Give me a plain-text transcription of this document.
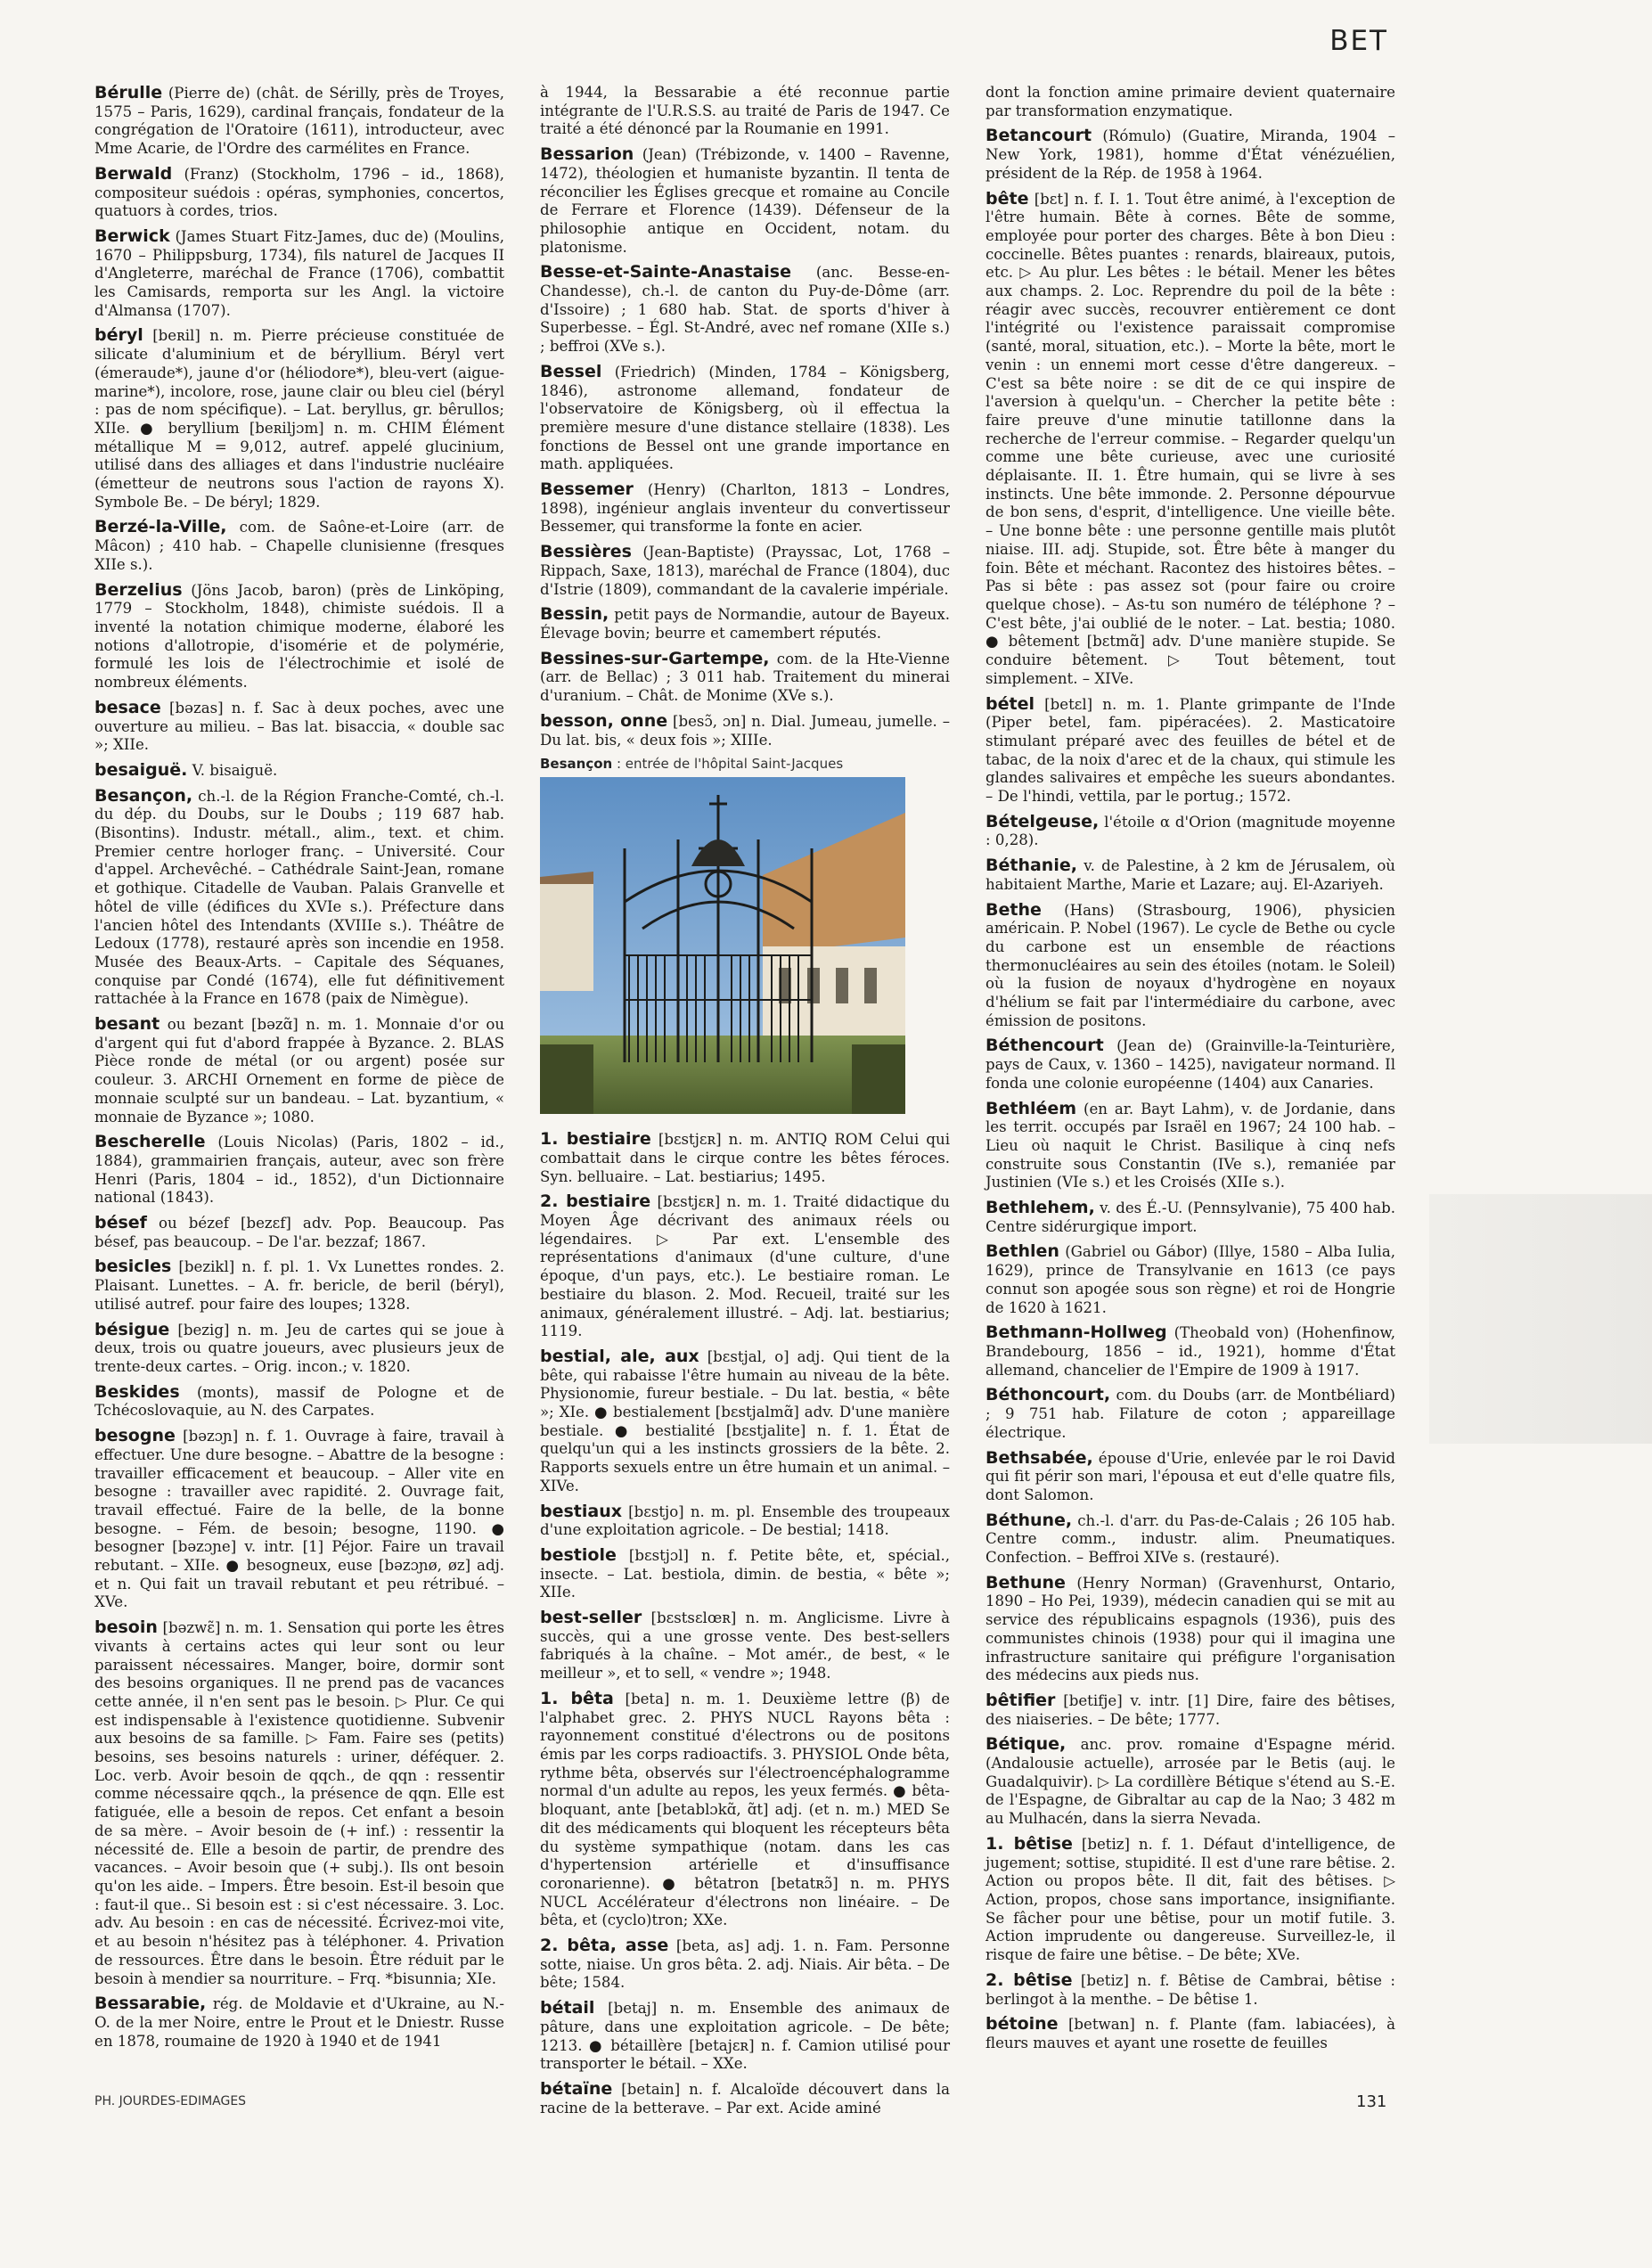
BET

Bérulle (Pierre de) (chât. de Sérilly, près de Troyes, 1575 – Paris, 1629), cardinal français, fondateur de la congrégation de l'Oratoire (1611), introducteur, avec Mme Acarie, de l'Ordre des carmélites en France.

Berwald (Franz) (Stockholm, 1796 – id., 1868), compositeur suédois : opéras, symphonies, concertos, quatuors à cordes, trios.

Berwick (James Stuart Fitz-James, duc de) (Moulins, 1670 – Philippsburg, 1734), fils naturel de Jacques II d'Angleterre, maréchal de France (1706), combattit les Camisards, remporta sur les Angl. la victoire d'Almansa (1707).

béryl [beʀil] n. m. Pierre précieuse constituée de silicate d'aluminium et de béryllium. Béryl vert (émeraude*), jaune d'or (héliodore*), bleu-vert (aigue-marine*), incolore, rose, jaune clair ou bleu ciel (béryl : pas de nom spécifique). – Lat. beryllus, gr. bêrullos; XIIe. ● beryllium [beʀiljɔm] n. m. CHIM Élément métallique M = 9,012, autref. appelé glucinium, utilisé dans des alliages et dans l'industrie nucléaire (émetteur de neutrons sous l'action de rayons X). Symbole Be. – De béryl; 1829.

Berzé-la-Ville, com. de Saône-et-Loire (arr. de Mâcon) ; 410 hab. – Chapelle clunisienne (fresques XIIe s.).

Berzelius (Jöns Jacob, baron) (près de Linköping, 1779 – Stockholm, 1848), chimiste suédois. Il a inventé la notation chimique moderne, élaboré les notions d'allotropie, d'isomérie et de polymérie, formulé les lois de l'électrochimie et isolé de nombreux éléments.

besace [bəzas] n. f. Sac à deux poches, avec une ouverture au milieu. – Bas lat. bisaccia, « double sac »; XIIe.

besaiguë. V. bisaiguë.

Besançon, ch.-l. de la Région Franche-Comté, ch.-l. du dép. du Doubs, sur le Doubs ; 119 687 hab. (Bisontins). Industr. métall., alim., text. et chim. Premier centre horloger franç. – Université. Cour d'appel. Archevêché. – Cathédrale Saint-Jean, romane et gothique. Citadelle de Vauban. Palais Granvelle et hôtel de ville (édifices du XVIe s.). Préfecture dans l'ancien hôtel des Intendants (XVIIIe s.). Théâtre de Ledoux (1778), restauré après son incendie en 1958. Musée des Beaux-Arts. – Capitale des Séquanes, conquise par Condé (1674), elle fut définitivement rattachée à la France en 1678 (paix de Nimègue).

besant ou bezant [bəzɑ̃] n. m. 1. Monnaie d'or ou d'argent qui fut d'abord frappée à Byzance. 2. BLAS Pièce ronde de métal (or ou argent) posée sur couleur. 3. ARCHI Ornement en forme de pièce de monnaie sculpté sur un bandeau. – Lat. byzantium, « monnaie de Byzance »; 1080.

Bescherelle (Louis Nicolas) (Paris, 1802 – id., 1884), grammairien français, auteur, avec son frère Henri (Paris, 1804 – id., 1852), d'un Dictionnaire national (1843).

bésef ou bézef [bezɛf] adv. Pop. Beaucoup. Pas bésef, pas beaucoup. – De l'ar. bezzaf; 1867.

besicles [bezikl] n. f. pl. 1. Vx Lunettes rondes. 2. Plaisant. Lunettes. – A. fr. bericle, de beril (béryl), utilisé autref. pour faire des loupes; 1328.

bésigue [bezig] n. m. Jeu de cartes qui se joue à deux, trois ou quatre joueurs, avec plusieurs jeux de trente-deux cartes. – Orig. incon.; v. 1820.

Beskides (monts), massif de Pologne et de Tchécoslovaquie, au N. des Carpates.

besogne [bəzɔɲ] n. f. 1. Ouvrage à faire, travail à effectuer. Une dure besogne. – Abattre de la besogne : travailler efficacement et beaucoup. – Aller vite en besogne : travailler avec rapidité. 2. Ouvrage fait, travail effectué. Faire de la belle, de la bonne besogne. – Fém. de besoin; besogne, 1190. ● besogner [bəzɔɲe] v. intr. [1] Péjor. Faire un travail rebutant. – XIIe. ● besogneux, euse [bəzɔɲø, øz] adj. et n. Qui fait un travail rebutant et peu rétribué. – XVe.

besoin [bəzwɛ̃] n. m. 1. Sensation qui porte les êtres vivants à certains actes qui leur sont ou leur paraissent nécessaires. Manger, boire, dormir sont des besoins organiques. Il ne prend pas de vacances cette année, il n'en sent pas le besoin. ▷ Plur. Ce qui est indispensable à l'existence quotidienne. Subvenir aux besoins de sa famille. ▷ Fam. Faire ses (petits) besoins, ses besoins naturels : uriner, déféquer. 2. Loc. verb. Avoir besoin de qqch., de qqn : ressentir comme nécessaire qqch., la présence de qqn. Elle est fatiguée, elle a besoin de repos. Cet enfant a besoin de sa mère. – Avoir besoin de (+ inf.) : ressentir la nécessité de. Elle a besoin de partir, de prendre des vacances. – Avoir besoin que (+ subj.). Ils ont besoin qu'on les aide. – Impers. Être besoin. Est-il besoin que : faut-il que.. Si besoin est : si c'est nécessaire. 3. Loc. adv. Au besoin : en cas de nécessité. Écrivez-moi vite, et au besoin n'hésitez pas à téléphoner. 4. Privation de ressources. Être dans le besoin. Être réduit par le besoin à mendier sa nourriture. – Frq. *bisunnia; XIe.

Bessarabie, rég. de Moldavie et d'Ukraine, au N.-O. de la mer Noire, entre le Prout et le Dniestr. Russe en 1878, roumaine de 1920 à 1940 et de 1941

à 1944, la Bessarabie a été reconnue partie intégrante de l'U.R.S.S. au traité de Paris de 1947. Ce traité a été dénoncé par la Roumanie en 1991.

Bessarion (Jean) (Trébizonde, v. 1400 – Ravenne, 1472), théologien et humaniste byzantin. Il tenta de réconcilier les Églises grecque et romaine au Concile de Ferrare et Florence (1439). Défenseur de la philosophie antique en Occident, notam. du platonisme.

Besse-et-Sainte-Anastaise (anc. Besse-en-Chandesse), ch.-l. de canton du Puy-de-Dôme (arr. d'Issoire) ; 1 680 hab. Stat. de sports d'hiver à Superbesse. – Égl. St-André, avec nef romane (XIIe s.) ; beffroi (XVe s.).

Bessel (Friedrich) (Minden, 1784 – Königsberg, 1846), astronome allemand, fondateur de l'observatoire de Königsberg, où il effectua la première mesure d'une distance stellaire (1838). Les fonctions de Bessel ont une grande importance en math. appliquées.

Bessemer (Henry) (Charlton, 1813 – Londres, 1898), ingénieur anglais inventeur du convertisseur Bessemer, qui transforme la fonte en acier.

Bessières (Jean-Baptiste) (Prayssac, Lot, 1768 – Rippach, Saxe, 1813), maréchal de France (1804), duc d'Istrie (1809), commandant de la cavalerie impériale.

Bessin, petit pays de Normandie, autour de Bayeux. Élevage bovin; beurre et camembert réputés.

Bessines-sur-Gartempe, com. de la Hte-Vienne (arr. de Bellac) ; 3 011 hab. Traitement du minerai d'uranium. – Chât. de Monime (XVe s.).

besson, onne [besɔ̃, ɔn] n. Dial. Jumeau, jumelle. – Du lat. bis, « deux fois »; XIIIe.

Besançon : entrée de l'hôpital Saint-Jacques

1. bestiaire [bɛstjɛʀ] n. m. ANTIQ ROM Celui qui combattait dans le cirque contre les bêtes féroces. Syn. belluaire. – Lat. bestiarius; 1495.

2. bestiaire [bɛstjɛʀ] n. m. 1. Traité didactique du Moyen Âge décrivant des animaux réels ou légendaires. ▷ Par ext. L'ensemble des représentations d'animaux (d'une culture, d'une époque, d'un pays, etc.). Le bestiaire roman. Le bestiaire du blason. 2. Mod. Recueil, traité sur les animaux, généralement illustré. – Adj. lat. bestiarius; 1119.

bestial, ale, aux [bɛstjal, o] adj. Qui tient de la bête, qui rabaisse l'être humain au niveau de la bête. Physionomie, fureur bestiale. – Du lat. bestia, « bête »; XIe. ● bestialement [bɛstjalmɑ̃] adv. D'une manière bestiale. ● bestialité [bɛstjalite] n. f. 1. État de quelqu'un qui a les instincts grossiers de la bête. 2. Rapports sexuels entre un être humain et un animal. – XIVe.

bestiaux [bɛstjo] n. m. pl. Ensemble des troupeaux d'une exploitation agricole. – De bestial; 1418.

bestiole [bɛstjɔl] n. f. Petite bête, et, spécial., insecte. – Lat. bestiola, dimin. de bestia, « bête »; XIIe.

best-seller [bɛstsɛlœʀ] n. m. Anglicisme. Livre à succès, qui a une grosse vente. Des best-sellers fabriqués à la chaîne. – Mot amér., de best, « le meilleur », et to sell, « vendre »; 1948.

1. bêta [beta] n. m. 1. Deuxième lettre (β) de l'alphabet grec. 2. PHYS NUCL Rayons bêta : rayonnement constitué d'électrons ou de positons émis par les corps radioactifs. 3. PHYSIOL Onde bêta, rythme bêta, observés sur l'électroencéphalogramme normal d'un adulte au repos, les yeux fermés. ● bêta-bloquant, ante [betablɔkɑ̃, ɑ̃t] adj. (et n. m.) MED Se dit des médicaments qui bloquent les récepteurs bêta du système sympathique (notam. dans les cas d'hypertension artérielle et d'insuffisance coronarienne). ● bêtatron [betatʀɔ̃] n. m. PHYS NUCL Accélérateur d'électrons non linéaire. – De bêta, et (cyclo)tron; XXe.

2. bêta, asse [beta, as] adj. 1. n. Fam. Personne sotte, niaise. Un gros bêta. 2. adj. Niais. Air bêta. – De bête; 1584.

bétail [betaj] n. m. Ensemble des animaux de pâture, dans une exploitation agricole. – De bête; 1213. ● bétaillère [betajɛʀ] n. f. Camion utilisé pour transporter le bétail. – XXe.

bétaïne [betain] n. f. Alcaloïde découvert dans la racine de la betterave. – Par ext. Acide aminé

dont la fonction amine primaire devient quaternaire par transformation enzymatique.

Betancourt (Rómulo) (Guatire, Miranda, 1904 – New York, 1981), homme d'État vénézuélien, président de la Rép. de 1958 à 1964.

bête [bɛt] n. f. I. 1. Tout être animé, à l'exception de l'être humain. Bête à cornes. Bête de somme, employée pour porter des charges. Bête à bon Dieu : coccinelle. Bêtes puantes : renards, blaireaux, putois, etc. ▷ Au plur. Les bêtes : le bétail. Mener les bêtes aux champs. 2. Loc. Reprendre du poil de la bête : réagir avec succès, recouvrer entièrement ce dont l'intégrité ou l'existence paraissait compromise (santé, moral, situation, etc.). – Morte la bête, mort le venin : un ennemi mort cesse d'être dangereux. – C'est sa bête noire : se dit de ce qui inspire de l'aversion à quelqu'un. – Chercher la petite bête : faire preuve d'une minutie tatillonne dans la recherche de l'erreur commise. – Regarder quelqu'un comme une bête curieuse, avec une curiosité déplaisante. II. 1. Être humain, qui se livre à ses instincts. Une bête immonde. 2. Personne dépourvue de bon sens, d'esprit, d'intelligence. Une vieille bête. – Une bonne bête : une personne gentille mais plutôt niaise. III. adj. Stupide, sot. Être bête à manger du foin. Bête et méchant. Racontez des histoires bêtes. – Pas si bête : pas assez sot (pour faire ou croire quelque chose). – As-tu son numéro de téléphone ? – C'est bête, j'ai oublié de le noter. – Lat. bestia; 1080. ● bêtement [bɛtmɑ̃] adv. D'une manière stupide. Se conduire bêtement. ▷ Tout bêtement, tout simplement. – XIVe.

bétel [betɛl] n. m. 1. Plante grimpante de l'Inde (Piper betel, fam. pipéracées). 2. Masticatoire stimulant préparé avec des feuilles de bétel et de tabac, de la noix d'arec et de la chaux, qui stimule les glandes salivaires et empêche les sueurs abondantes. – De l'hindi, vettila, par le portug.; 1572.

Bételgeuse, l'étoile α d'Orion (magnitude moyenne : 0,28).

Béthanie, v. de Palestine, à 2 km de Jérusalem, où habitaient Marthe, Marie et Lazare; auj. El-Azariyeh.

Bethe (Hans) (Strasbourg, 1906), physicien américain. P. Nobel (1967). Le cycle de Bethe ou cycle du carbone est un ensemble de réactions thermonucléaires au sein des étoiles (notam. le Soleil) où la fusion de noyaux d'hydrogène en noyaux d'hélium se fait par l'intermédiaire du carbone, avec émission de positons.

Béthencourt (Jean de) (Grainville-la-Teinturière, pays de Caux, v. 1360 – 1425), navigateur normand. Il fonda une colonie européenne (1404) aux Canaries.

Bethléem (en ar. Bayt Lahm), v. de Jordanie, dans les territ. occupés par Israël en 1967; 24 100 hab. – Lieu où naquit le Christ. Basilique à cinq nefs construite sous Constantin (IVe s.), remaniée par Justinien (VIe s.) et les Croisés (XIIe s.).

Bethlehem, v. des É.-U. (Pennsylvanie), 75 400 hab. Centre sidérurgique import.

Bethlen (Gabriel ou Gábor) (Illye, 1580 – Alba Iulia, 1629), prince de Transylvanie en 1613 (ce pays connut son apogée sous son règne) et roi de Hongrie de 1620 à 1621.

Bethmann-Hollweg (Theobald von) (Hohenfinow, Brandebourg, 1856 – id., 1921), homme d'État allemand, chancelier de l'Empire de 1909 à 1917.

Béthoncourt, com. du Doubs (arr. de Montbéliard) ; 9 751 hab. Filature de coton ; appareillage électrique.

Bethsabée, épouse d'Urie, enlevée par le roi David qui fit périr son mari, l'épousa et eut d'elle quatre fils, dont Salomon.

Béthune, ch.-l. d'arr. du Pas-de-Calais ; 26 105 hab. Centre comm., industr. alim. Pneumatiques. Confection. – Beffroi XIVe s. (restauré).

Bethune (Henry Norman) (Gravenhurst, Ontario, 1890 – Ho Pei, 1939), médecin canadien qui se mit au service des républicains espagnols (1936), puis des communistes chinois (1938) pour qui il imagina une infrastructure sanitaire qui préfigure l'organisation des médecins aux pieds nus.

bêtifier [betifje] v. intr. [1] Dire, faire des bêtises, des niaiseries. – De bête; 1777.

Bétique, anc. prov. romaine d'Espagne mérid. (Andalousie actuelle), arrosée par le Betis (auj. le Guadalquivir). ▷ La cordillère Bétique s'étend au S.-E. de l'Espagne, de Gibraltar au cap de la Nao; 3 482 m au Mulhacén, dans la sierra Nevada.

1. bêtise [betiz] n. f. 1. Défaut d'intelligence, de jugement; sottise, stupidité. Il est d'une rare bêtise. 2. Action ou propos bête. Il dit, fait des bêtises. ▷ Action, propos, chose sans importance, insignifiante. Se fâcher pour une bêtise, pour un motif futile. 3. Action imprudente ou dangereuse. Surveillez-le, il risque de faire une bêtise. – De bête; XVe.

2. bêtise [betiz] n. f. Bêtise de Cambrai, bêtise : berlingot à la menthe. – De bêtise 1.

bétoine [betwan] n. f. Plante (fam. labiacées), à fleurs mauves et ayant une rosette de feuilles

PH. JOURDES-EDIMAGES	131
